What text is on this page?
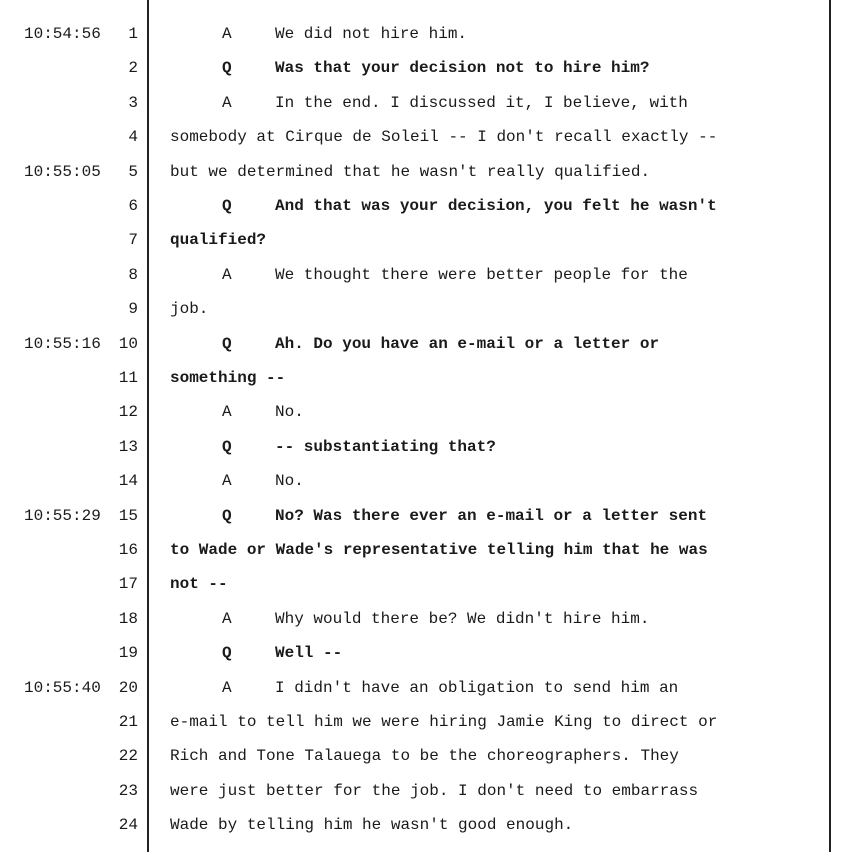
10:54:56	1	A	We did not hire him.
2	Q	Was that your decision not to hire him?
3	A	In the end. I discussed it, I believe, with
4 somebody at Cirque de Soleil -- I don't recall exactly --
10:55:05	5 but we determined that he wasn't really qualified.
6	Q	And that was your decision, you felt he wasn't
7 qualified?
8	A	We thought there were better people for the
9 job.
10:55:16	10	Q	Ah. Do you have an e-mail or a letter or
11 something --
12	A	No.
13	Q	-- substantiating that?
14	A	No.
10:55:29	15	Q	No? Was there ever an e-mail or a letter sent
16 to Wade or Wade's representative telling him that he was
17 not --
18	A	Why would there be? We didn't hire him.
19	Q	Well --
10:55:40	20	A	I didn't have an obligation to send him an
21 e-mail to tell him we were hiring Jamie King to direct or
22 Rich and Tone Talauega to be the choreographers. They
23 were just better for the job. I don't need to embarrass
24 Wade by telling him he wasn't good enough.
